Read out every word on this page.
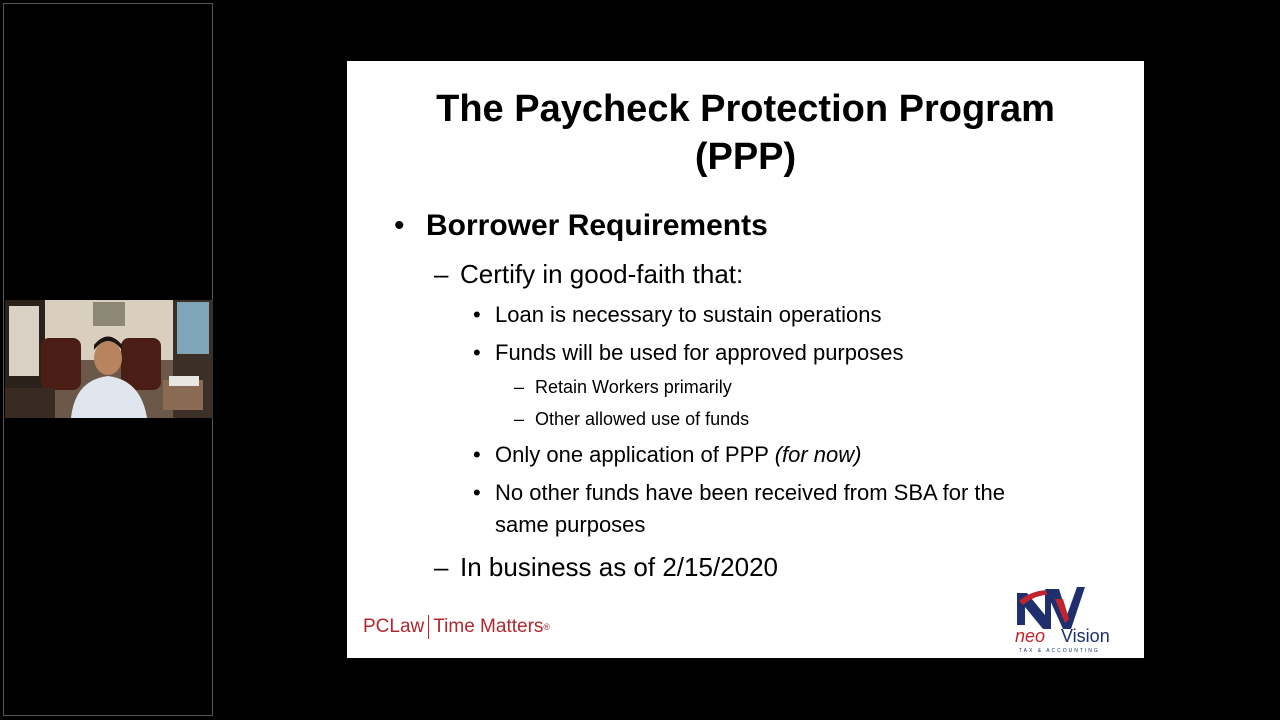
The Paycheck Protection Program
(PPP)
• Borrower Requirements
– Certify in good-faith that:
• Loan is necessary to sustain operations
• Funds will be used for approved purposes
– Retain Workers primarily
– Other allowed use of funds
• Only one application of PPP (for now)
• No other funds have been received from SBA for the
same purposes
– In business as of 2/15/2020
PCLaw Time Matters ®	neo Vision
TAX & ACCOUNTING
